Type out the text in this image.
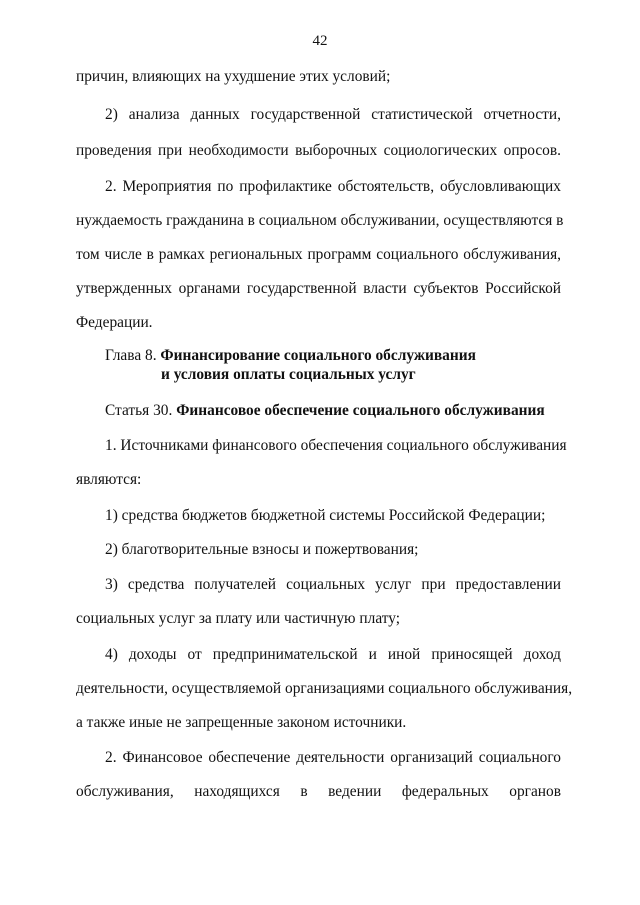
42
причин, влияющих на ухудшение этих условий;
2) анализа данных государственной статистической отчетности,
проведения при необходимости выборочных социологических опросов.
2. Мероприятия по профилактике обстоятельств, обусловливающих
нуждаемость гражданина в социальном обслуживании, осуществляются в
том числе в рамках региональных программ социального обслуживания,
утвержденных органами государственной власти субъектов Российской
Федерации.
Глава 8. Финансирование социального обслуживания
и условия оплаты социальных услуг
Статья 30. Финансовое обеспечение социального обслуживания
1. Источниками финансового обеспечения социального обслуживания
являются:
1) средства бюджетов бюджетной системы Российской Федерации;
2) благотворительные взносы и пожертвования;
3) средства получателей социальных услуг при предоставлении
социальных услуг за плату или частичную плату;
4) доходы от предпринимательской и иной приносящей доход
деятельности, осуществляемой организациями социального обслуживания,
а также иные не запрещенные законом источники.
2. Финансовое обеспечение деятельности организаций социального
обслуживания, находящихся в ведении федеральных органов
